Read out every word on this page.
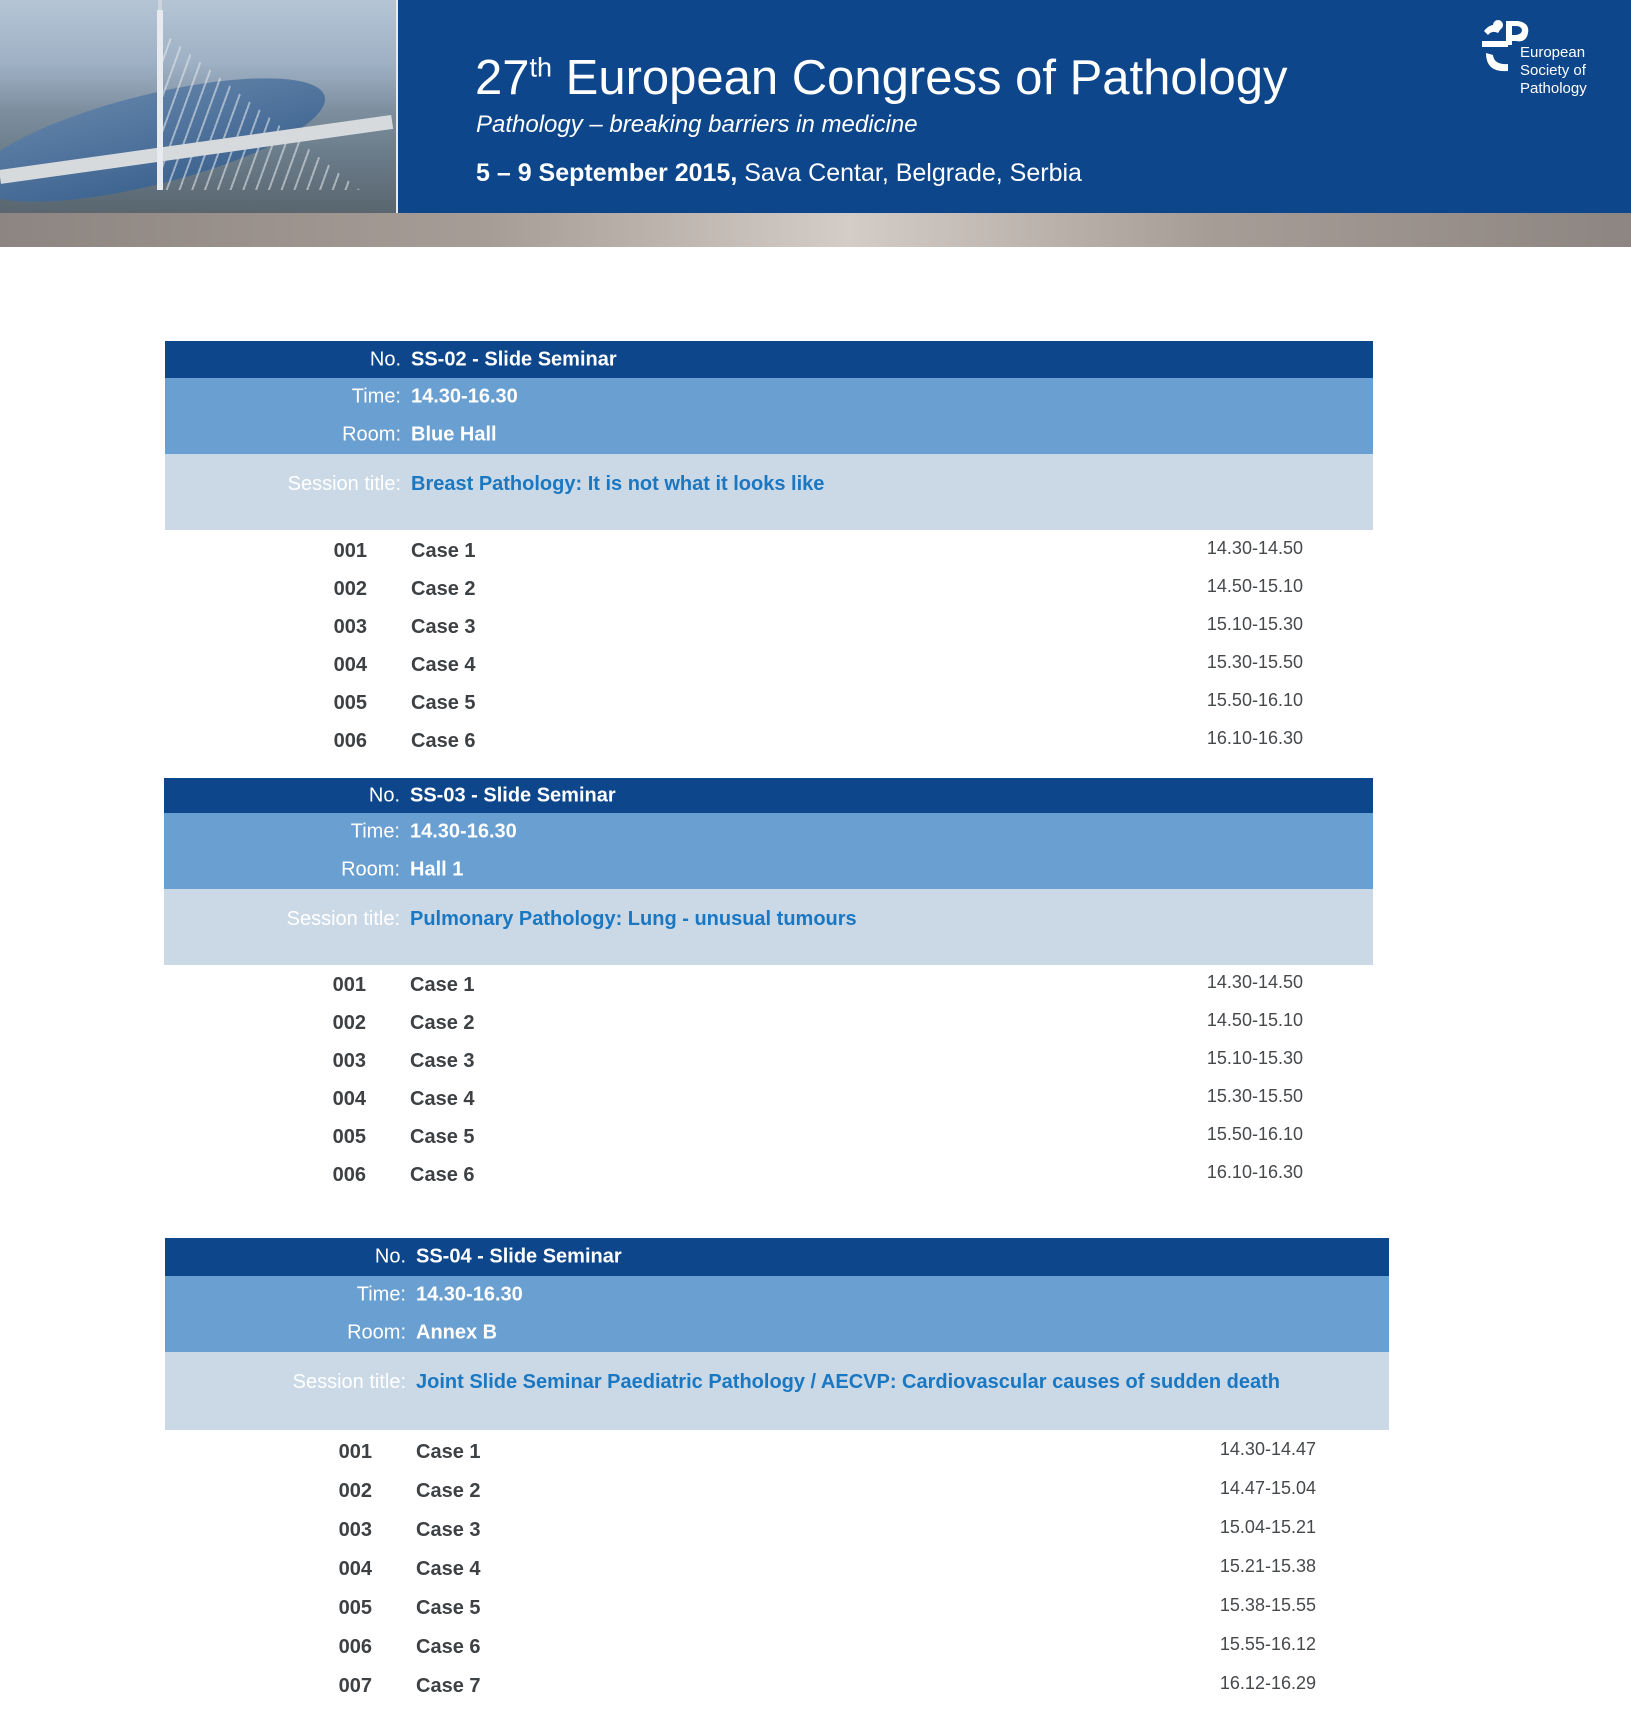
27th European Congress of Pathology
Pathology – breaking barriers in medicine
5 – 9 September 2015, Sava Centar, Belgrade, Serbia
European
Society of
Pathology
No. SS-02 - Slide Seminar
Time: 14.30-16.30
Room: Blue Hall
Session title: Breast Pathology: It is not what it looks like
001 Case 1	14.30-14.50
002 Case 2	14.50-15.10
003 Case 3	15.10-15.30
004 Case 4	15.30-15.50
005 Case 5	15.50-16.10
006 Case 6	16.10-16.30
No. SS-03 - Slide Seminar
Time: 14.30-16.30
Room: Hall 1
Session title: Pulmonary Pathology: Lung - unusual tumours
001 Case 1	14.30-14.50
002 Case 2	14.50-15.10
003 Case 3	15.10-15.30
004 Case 4	15.30-15.50
005 Case 5	15.50-16.10
006 Case 6	16.10-16.30
No. SS-04 - Slide Seminar
Time: 14.30-16.30
Room: Annex B
Session title: Joint Slide Seminar Paediatric Pathology / AECVP: Cardiovascular causes of sudden death
001 Case 1	14.30-14.47
002 Case 2	14.47-15.04
003 Case 3	15.04-15.21
004 Case 4	15.21-15.38
005 Case 5	15.38-15.55
006 Case 6	15.55-16.12
007 Case 7	16.12-16.29
